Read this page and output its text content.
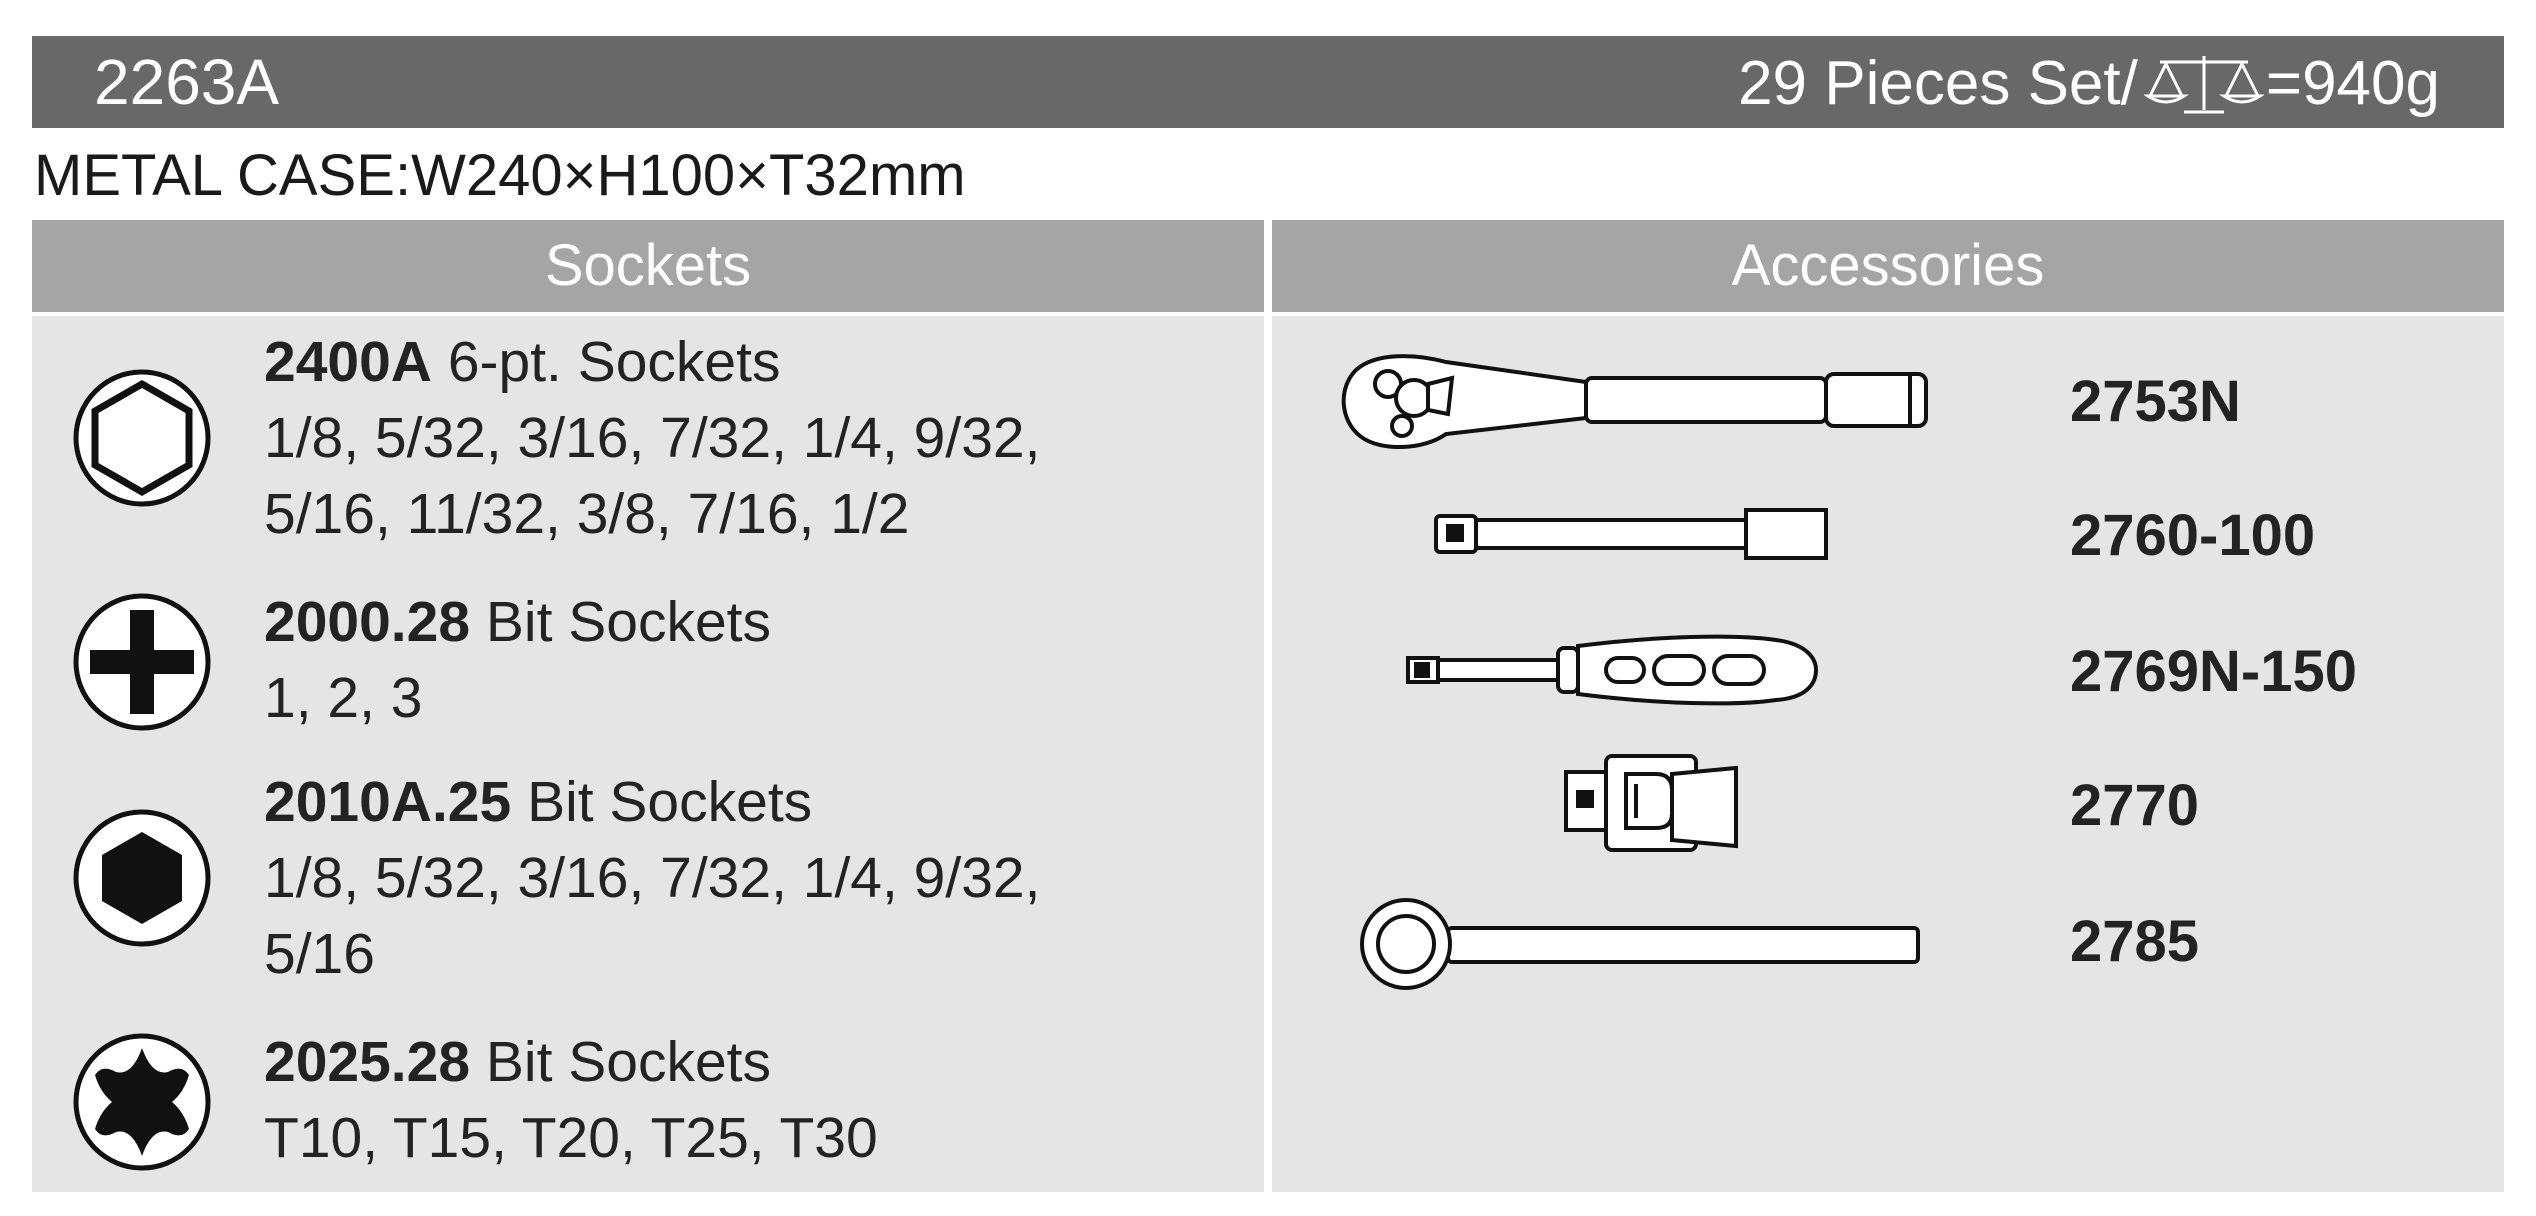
2263A	29 Pieces Set/ =940g
METAL CASE:W240×H100×T32mm
Sockets
2400A 6-pt. Sockets
1/8, 5/32, 3/16, 7/32, 1/4, 9/32,
5/16, 11/32, 3/8, 7/16, 1/2
2000.28 Bit Sockets
1, 2, 3
2010A.25 Bit Sockets
1/8, 5/32, 3/16, 7/32, 1/4, 9/32,
5/16
2025.28 Bit Sockets
T10, T15, T20, T25, T30
Accessories
2753N
2760-100
2769N-150
2770
2785
